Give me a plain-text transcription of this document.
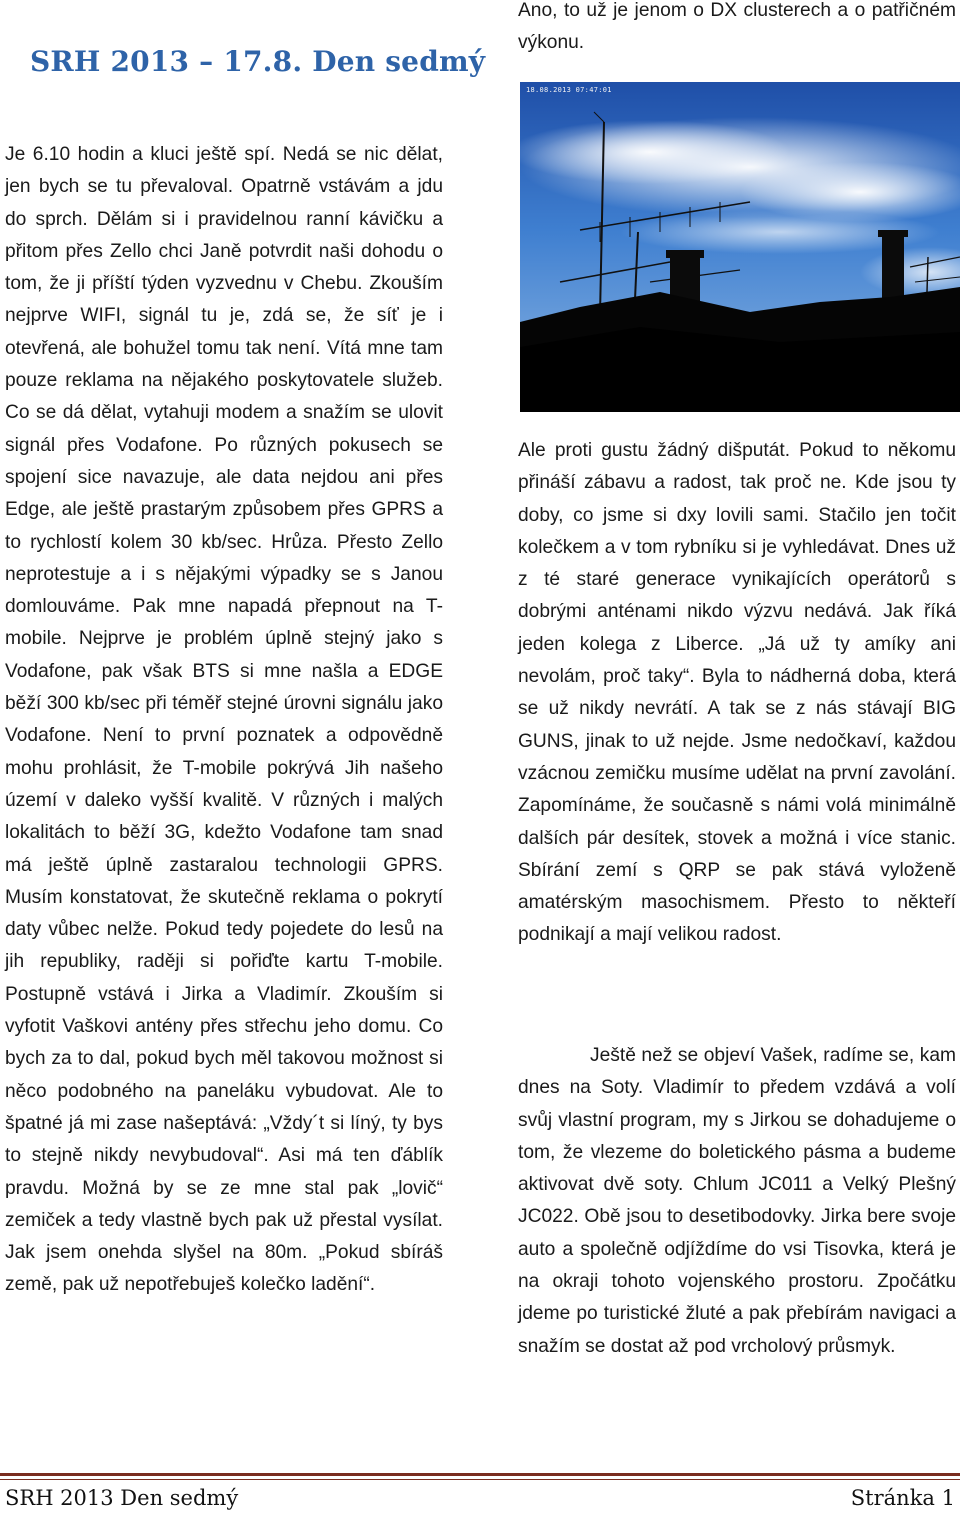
SRH 2013 – 17.8. Den sedmý

Je 6.10 hodin a kluci ještě spí. Nedá se nic dělat, jen bych se tu převaloval. Opatrně vstávám a jdu do sprch. Dělám si i pravidelnou ranní kávičku a přitom přes Zello chci Janě potvrdit naši dohodu o tom, že ji příští týden vyzvednu v Chebu. Zkouším nejprve WIFI, signál tu je, zdá se, že síť je i otevřená, ale bohužel tomu tak není. Vítá mne tam pouze reklama na nějakého poskytovatele služeb. Co se dá dělat, vytahuji modem a snažím se ulovit signál přes Vodafone. Po různých pokusech se spojení sice navazuje, ale data nejdou ani přes Edge, ale ještě prastarým způsobem přes GPRS a to rychlostí kolem 30 kb/sec. Hrůza. Přesto Zello neprotestuje a i s nějakými výpadky se s Janou domlouváme. Pak mne napadá přepnout na T-mobile. Nejprve je problém úplně stejný jako s Vodafone, pak však BTS si mne našla a EDGE běží 300 kb/sec při téměř stejné úrovni signálu jako Vodafone. Není to první poznatek a odpovědně mohu prohlásit, že T-mobile pokrývá Jih našeho území v daleko vyšší kvalitě. V různých i malých lokalitách to běží 3G, kdežto Vodafone tam snad má ještě úplně zastaralou technologii GPRS. Musím konstatovat, že skutečně reklama o pokrytí daty vůbec nelže. Pokud tedy pojedete do lesů na jih republiky, raději si pořiďte kartu T-mobile. Postupně vstává i Jirka a Vladimír. Zkouším si vyfotit Vaškovi antény přes střechu jeho domu. Co bych za to dal, pokud bych měl takovou možnost si něco podobného na paneláku vybudovat. Ale to špatné já mi zase našeptává: „Vždy´t si líný, ty bys to stejně nikdy nevybudoval“. Asi má ten ďáblík pravdu. Možná by se ze mne stal pak „lovič“ zemiček a tedy vlastně bych pak už přestal vysílat. Jak jsem onehda slyšel na 80m. „Pokud sbíráš země, pak už nepotřebuješ kolečko ladění“.

Ano, to už je jenom o DX clusterech a o patřičném výkonu.

18.08.2013 07:47:01

Ale proti gustu žádný dišputát. Pokud to někomu přináší zábavu a radost, tak proč ne. Kde jsou ty doby, co jsme si dxy lovili sami. Stačilo jen točit kolečkem a v tom rybníku si je vyhledávat. Dnes už z té staré generace vynikajících operátorů s dobrými anténami nikdo výzvu nedává. Jak říká jeden kolega z Liberce. „Já už ty amíky ani nevolám, proč taky“. Byla to nádherná doba, která se už nikdy nevrátí. A tak se z nás stávají BIG GUNS, jinak to už nejde. Jsme nedočkaví, každou vzácnou zemičku musíme udělat na první zavolání. Zapomínáme, že současně s námi volá minimálně dalších pár desítek, stovek a možná i více stanic. Sbírání zemí s QRP se pak stává vyloženě amatérským masochismem. Přesto to někteří podnikají a mají velikou radost.

Ještě než se objeví Vašek, radíme se, kam dnes na Soty. Vladimír to předem vzdává a volí svůj vlastní program, my s Jirkou se dohadujeme o tom, že vlezeme do boletického pásma a budeme aktivovat dvě soty. Chlum JC011 a Velký Plešný JC022. Obě jsou to desetibodovky. Jirka bere svoje auto a společně odjíždíme do vsi Tisovka, která je na okraji tohoto vojenského prostoru. Zpočátku jdeme po turistické žluté a pak přebírám navigaci a snažím se dostat až pod vrcholový průsmyk.

SRH 2013 Den sedmý	Stránka 1
